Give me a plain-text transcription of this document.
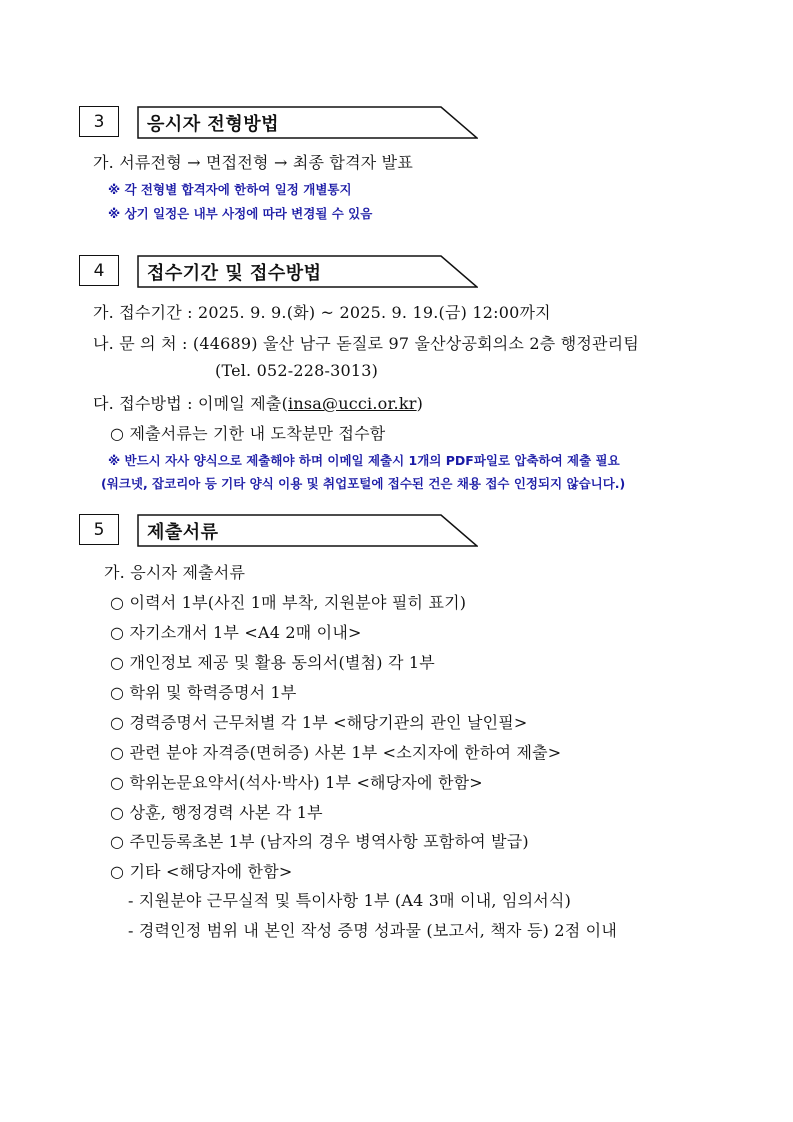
3	응시자 전형방법
가. 서류전형 → 면접전형 → 최종 합격자 발표
※ 각 전형별 합격자에 한하여 일정 개별통지
※ 상기 일정은 내부 사정에 따라 변경될 수 있음
4	접수기간 및 접수방법
가. 접수기간 : 2025. 9. 9.(화) ~ 2025. 9. 19.(금) 12:00까지
나. 문 의 처 : (44689) 울산 남구 돋질로 97 울산상공회의소 2층 행정관리팀
(Tel. 052-228-3013)
다. 접수방법 : 이메일 제출(insa@ucci.or.kr)
○ 제출서류는 기한 내 도착분만 접수함
※ 반드시 자사 양식으로 제출해야 하며 이메일 제출시 1개의 PDF파일로 압축하여 제출 필요
(워크넷, 잡코리아 등 기타 양식 이용 및 취업포털에 접수된 건은 채용 접수 인정되지 않습니다.)
5	제출서류
가. 응시자 제출서류
○ 이력서 1부(사진 1매 부착, 지원분야 필히 표기)
○ 자기소개서 1부 <A4 2매 이내>
○ 개인정보 제공 및 활용 동의서(별첨) 각 1부
○ 학위 및 학력증명서 1부
○ 경력증명서 근무처별 각 1부 <해당기관의 관인 날인필>
○ 관련 분야 자격증(면허증) 사본 1부 <소지자에 한하여 제출>
○ 학위논문요약서(석사·박사) 1부 <해당자에 한함>
○ 상훈, 행정경력 사본 각 1부
○ 주민등록초본 1부 (남자의 경우 병역사항 포함하여 발급)
○ 기타 <해당자에 한함>
- 지원분야 근무실적 및 특이사항 1부 (A4 3매 이내, 임의서식)
- 경력인정 범위 내 본인 작성 증명 성과물 (보고서, 책자 등) 2점 이내
